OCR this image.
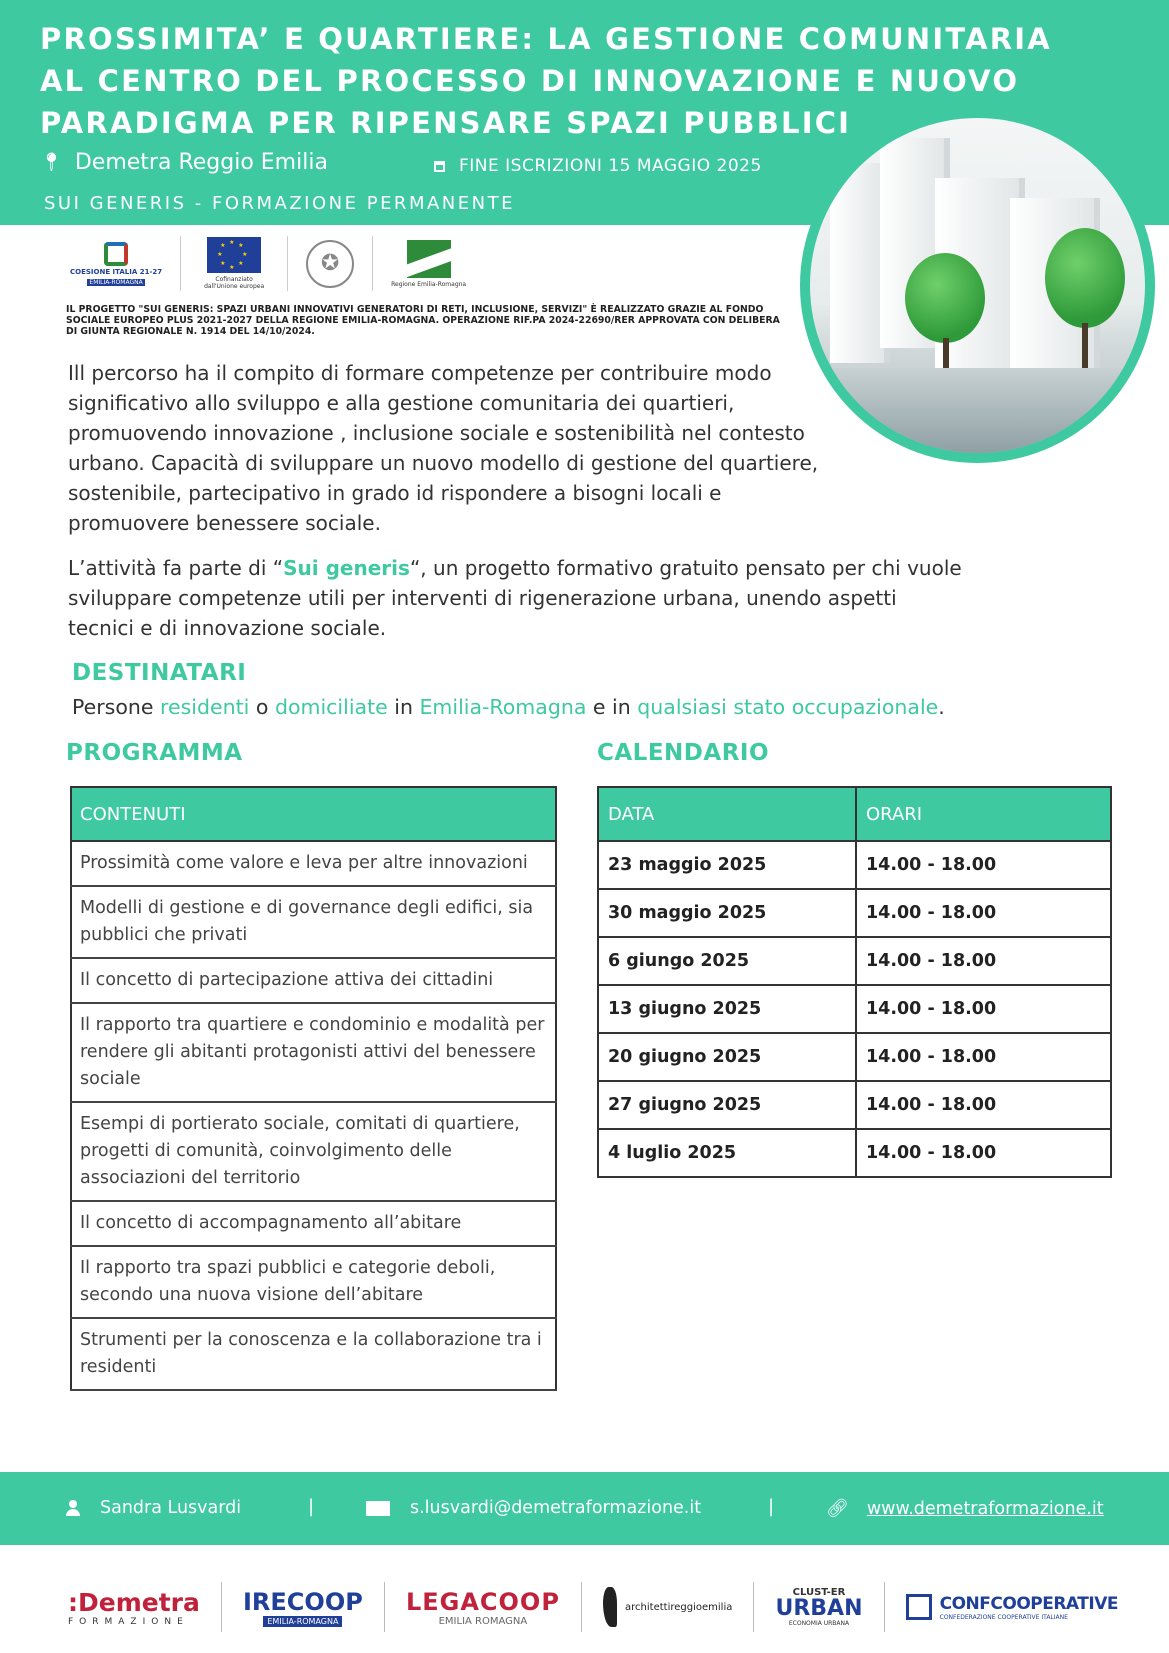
PROSSIMITA’ E QUARTIERE: LA GESTIONE COMUNITARIA AL CENTRO DEL PROCESSO DI INNOVAZIONE E NUOVO PARADIGMA PER RIPENSARE SPAZI PUBBLICI
📍︎ Demetra Reggio Emilia	FINE ISCRIZIONI 15 MAGGIO 2025
SUI GENERIS - FORMAZIONE PERMANENTE
COESIONE ITALIA 21-27
EMILIA-ROMAGNA
★
★
★	★
★ ★
★ ★
Cofinanziato dall'Unione europea
✪
Regione Emilia-Romagna
IL PROGETTO "SUI GENERIS: SPAZI URBANI INNOVATIVI GENERATORI DI RETI, INCLUSIONE, SERVIZI" È REALIZZATO GRAZIE AL FONDO SOCIALE EUROPEO PLUS 2021-2027 DELLA REGIONE EMILIA-ROMAGNA. OPERAZIONE RIF.PA 2024-22690/RER APPROVATA CON DELIBERA DI GIUNTA REGIONALE N. 1914 DEL 14/10/2024.

Ill percorso ha il compito di formare competenze per contribuire modo significativo allo sviluppo e alla gestione comunitaria dei quartieri, promuovendo innovazione , inclusione sociale e sostenibilità nel contesto urbano. Capacità di sviluppare un nuovo modello di gestione del quartiere, sostenibile, partecipativo in grado id rispondere a bisogni locali e promuovere benessere sociale.

L’attività fa parte di “Sui generis“, un progetto formativo gratuito pensato per chi vuole sviluppare competenze utili per interventi di rigenerazione urbana, unendo aspetti tecnici e di innovazione sociale.

DESTINATARI
Persone residenti o domiciliate in Emilia-Romagna e in qualsiasi stato occupazionale.
PROGRAMMA
CONTENUTI
Prossimità come valore e leva per altre innovazioni
Modelli di gestione e di governance degli edifici, sia pubblici che privati
Il concetto di partecipazione attiva dei cittadini
Il rapporto tra quartiere e condominio e modalità per rendere gli abitanti protagonisti attivi del benessere sociale
Esempi di portierato sociale, comitati di quartiere, progetti di comunità, coinvolgimento delle associazioni del territorio
Il concetto di accompagnamento all’abitare
Il rapporto tra spazi pubblici e categorie deboli, secondo una nuova visione dell’abitare
Strumenti per la conoscenza e la collaborazione tra i residenti
CALENDARIO
DATA	ORARI
23 maggio 2025	14.00 - 18.00
30 maggio 2025	14.00 - 18.00
6 giungo 2025	14.00 - 18.00
13 giugno 2025	14.00 - 18.00
20 giugno 2025	14.00 - 18.00
27 giugno 2025	14.00 - 18.00
4 luglio 2025	14.00 - 18.00
Sandra Lusvardi	|	s.lusvardi@demetraformazione.it	|	🔗︎ www.demetraformazione.it
:Demetra
FORMAZIONE
IRECOOP
EMILIA-ROMAGNA
LEGACOOP
EMILIA ROMAGNA
architettireggioemilia
CLUST-ER
URBAN
ECONOMIA URBANA
CONFCOOPERATIVE
CONFEDERAZIONE COOPERATIVE ITALIANE
